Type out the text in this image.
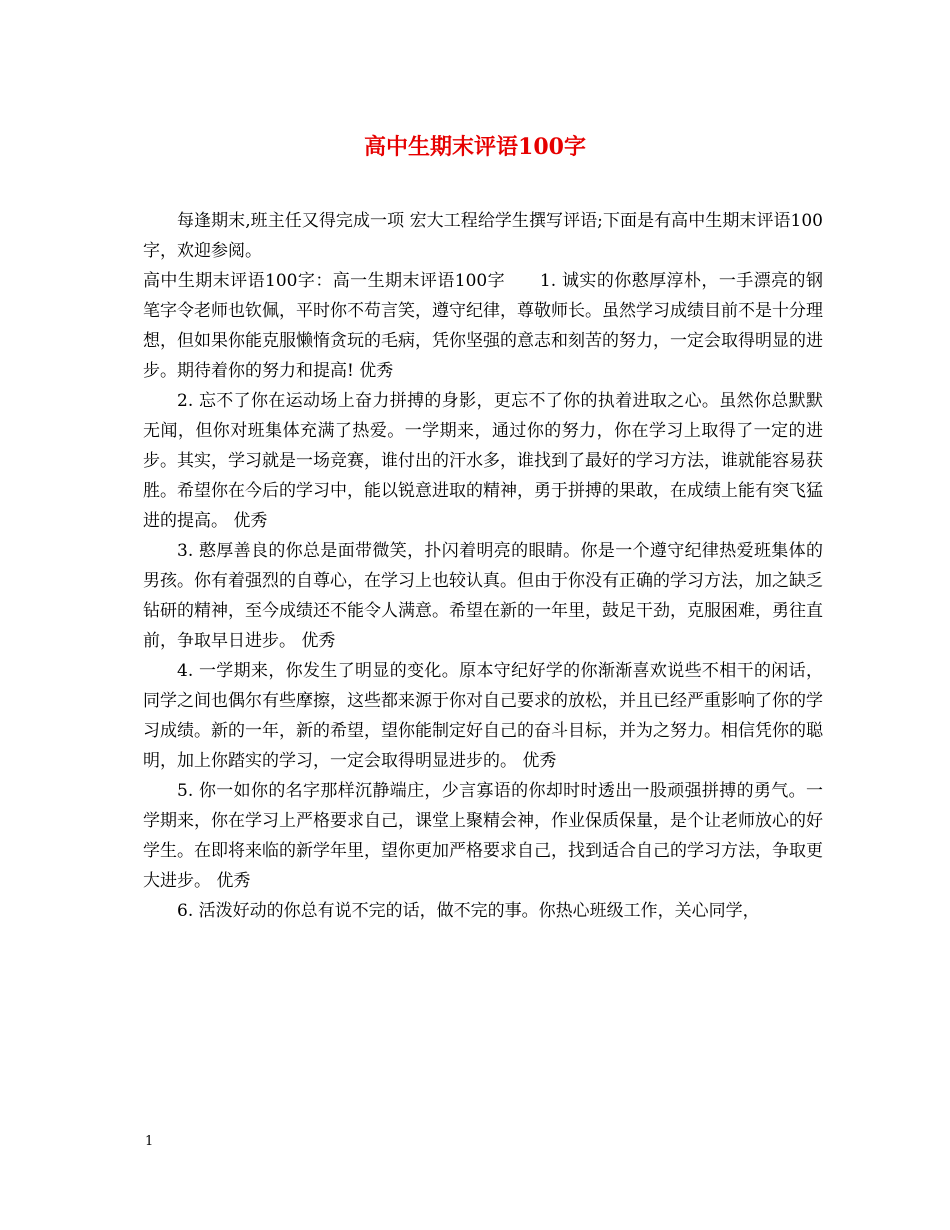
高中生期末评语100字

每逢期末,班主任又得完成一项 宏大工程给学生撰写评语;下面是有高中生期末评语100字，欢迎参阅。

高中生期末评语100字：高一生期末评语100字　　1. 诚实的你憨厚淳朴，一手漂亮的钢笔字令老师也钦佩，平时你不苟言笑，遵守纪律，尊敬师长。虽然学习成绩目前不是十分理想，但如果你能克服懒惰贪玩的毛病，凭你坚强的意志和刻苦的努力，一定会取得明显的进步。期待着你的努力和提高! 优秀

2. 忘不了你在运动场上奋力拼搏的身影，更忘不了你的执着进取之心。虽然你总默默无闻，但你对班集体充满了热爱。一学期来，通过你的努力，你在学习上取得了一定的进步。其实，学习就是一场竞赛，谁付出的汗水多，谁找到了最好的学习方法，谁就能容易获胜。希望你在今后的学习中，能以锐意进取的精神，勇于拼搏的果敢，在成绩上能有突飞猛进的提高。 优秀

3. 憨厚善良的你总是面带微笑，扑闪着明亮的眼睛。你是一个遵守纪律热爱班集体的男孩。你有着强烈的自尊心，在学习上也较认真。但由于你没有正确的学习方法，加之缺乏钻研的精神，至今成绩还不能令人满意。希望在新的一年里，鼓足干劲，克服困难，勇往直前，争取早日进步。 优秀

4. 一学期来，你发生了明显的变化。原本守纪好学的你渐渐喜欢说些不相干的闲话，同学之间也偶尔有些摩擦，这些都来源于你对自己要求的放松，并且已经严重影响了你的学习成绩。新的一年，新的希望，望你能制定好自己的奋斗目标，并为之努力。相信凭你的聪明，加上你踏实的学习，一定会取得明显进步的。 优秀

5. 你一如你的名字那样沉静端庄，少言寡语的你却时时透出一股顽强拼搏的勇气。一学期来，你在学习上严格要求自己，课堂上聚精会神，作业保质保量，是个让老师放心的好学生。在即将来临的新学年里，望你更加严格要求自己，找到适合自己的学习方法，争取更大进步。 优秀

6. 活泼好动的你总有说不完的话，做不完的事。你热心班级工作，关心同学，

1
